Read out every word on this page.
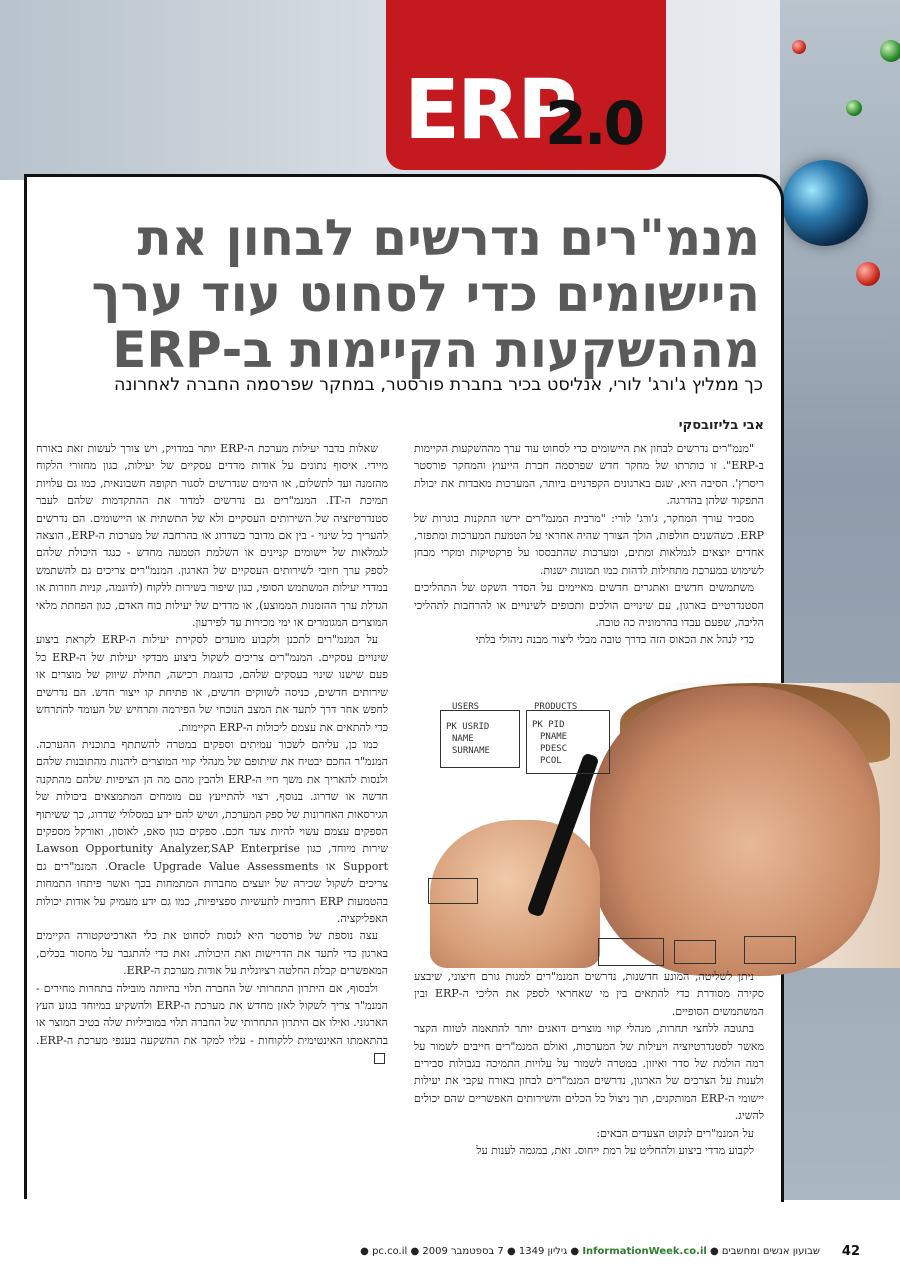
ERP
2.0
מנמ"רים נדרשים לבחון את
היישומים כדי לסחוט עוד ערך
מההשקעות הקיימות ב-ERP
כך ממליץ ג'ורג' לורי, אנליסט בכיר בחברת פורסטר, במחקר שפרסמה החברה לאחרונה
אבי בליזובסקי

"מנמ"רים נדרשים לבחון את היישומים כדי לסחוט עוד ערך מההשקעות הקיימות ב-ERP". זו כותרתו של מחקר חדש שפרסמה חברת הייעוץ והמחקר פורסטר ריסרץ'. הסיבה היא, שגם בארגונים הקפדניים ביותר, המערכות מאבדות את יכולת התפקוד שלהן בהדרגה.

מסביר עורך המחקר, ג'ורג' לורי: "מרבית המנמ"רים ירשו התקנות בוגרות של ERP. כשהשנים חולפות, הולך הצורך שהיה אחראי על הטמעת המערכות ומתפזר, אחדים יוצאים לגמלאות ומתים, ומערכות שהתבססו על פרקטיקות ומקרי מבחן לשימוש במערכת מתחילות לדהות כמו תמונות ישנות.

משתמשים חדשים ואתגרים חדשים מאיימים על הסדר השקט של התהליכים הסטנדרטיים בארגון, עם שינויים הולכים ותכופים לשינויים או להרחבות לתהליכי הליבה, שפעם עבדו בהרמוניה כה טובה.

כדי לנהל את הכאוס הזה בדרך טובה מבלי ליצור מבנה ניהולי בלתי

USERS
PK USRID
NAME
SURNAME
PRODUCTS
PK PID
PNAME
PDESC
PCOL

ניתן לשליטה, המונע חדשנות, נדרשים המנמ"רים למנות גורם חיצוני, שיבצע סקירה מסודרת כדי להתאים בין מי שאחראי לספק את הליכי ה-ERP ובין המשתמשים הסופיים.

בתגובה ללחצי תחרות, מנהלי קווי מוצרים דואגים יותר להתאמה לטווח הקצר מאשר לסטנדרטיזציה ויעילות של המערכות, ואולם המנמ"רים חייבים לשמור על רמה הולמת של סדר ואיזון. במטרה לשמור על עלויות התמיכה בגבולות סבירים ולענות על הצרכים של הארגון, נדרשים המנמ"רים לבחון באורח עקבי את יעילות יישומי ה-ERP המותקנים, תוך ניצול כל הכלים והשירותים האפשריים שהם יכולים להשיג.

על המנמ"רים לנקוט הצעדים הבאים:

לקבוע מדדי ביצוע ולהחליט על רמת ייחוס. זאת, במגמה לענות על

שאלות בדבר יעילות מערכת ה-ERP יותר במדויק, ויש צורך לעשות זאת באורח מיידי. איסוף נתונים על אודות מדדים עסקיים של יעילות, כגון מחזורי הלקוח מהזמנה ועד לתשלום, או הימים שנדרשים לסגור תקופה חשבונאית, כמו גם עלויות תמיכת ה-IT. המנמ"רים גם נדרשים למדוד את ההתקדמות שלהם לעבר סטנדרטיזציה של השירותים העסקיים ולא של התשתית או היישומים. הם נדרשים להעריך כל שינוי - בין אם מדובר בשדרוג או בהרחבה של מערכות ה-ERP, הוצאה לגמלאות של יישומים קניינים או השלמת הטמעה מחדש - כנגד היכולת שלהם לספק ערך חיובי לשירותים העסקיים של הארגון. המנמ"רים צריכים גם להשתמש במדדי יעילות המשתמש הסופי, כגון שיפור בשירות ללקוח (לדוגמה, קניות חוזרות או הגדלת ערך ההזמנות הממוצע), או מדדים של יעילות כוח האדם, כגון הפחתת מלאי המוצרים המגומרים או ימי מכירות עד לפירעון.

על המנמ"רים לתכנן ולקבוע מועדים לסקירת יעילות ה-ERP לקראת ביצוע שינויים עסקיים. המנמ"רים צריכים לשקול ביצוע מבדקי יעילות של ה-ERP כל פעם שישנו שינוי בעסקים שלהם, כדוגמת רכישה, תחילת שיווק של מוצרים או שירותים חדשים, כניסה לשווקים חדשים, או פתיחת קו ייצור חדש. הם נדרשים לחפש אחר דרך לתעד את המצב הנוכחי של הפירמה ותרחיש של העומד להתרחש כדי להתאים את עצמם ליכולות ה-ERP הקיימות.

כמו כן, עליהם לשכור עמיתים וספקים במטרה להשתתף בתוכנית ההערכה. המנמ"ר החכם יבטיח את שיתופם של מנהלי קווי המוצרים ליהנות מהתובנות שלהם ולנסות להאריך את משך חיי ה-ERP ולהבין מהם מה הן הציפיות שלהם מהתקנה חדשה או שדרוג. בנוסף, רצוי להתייעץ עם מומחים המתמצאים ביכולות של הגירסאות האחרונות של ספק המערכת, ושיש להם ידע במסלולי שדרוג, כך ששיתוף הספקים עצמם עשוי להיות צעד חכם. ספקים כגון סאפ, לאוסון, ואורקל מספקים שירות מיוחד, כגון Lawson Opportunity Analyzer,SAP Enterprise Support או Oracle Upgrade Value Assessments. המנמ"רים גם צריכים לשקול שכירה של יועצים מחברות המתמחות בכך ואשר פיתחו התמחות בהטמעות ERP רוחביות לתעשיות ספציפיות, כמו גם ידע מעמיק על אודות יכולות האפליקציה.

עצה נוספת של פורסטר היא לנסות לסחוט את כלי הארכיטקטורה הקיימים בארגון כדי לתעד את הדרישות ואת היכולות. זאת כדי להתגבר על מחסור בכלים, המאפשרים קבלת החלטה רציונלית על אודות מערכת ה-ERP.

ולבסוף, אם היתרון התחרותי של החברה תלוי בהיותה מובילה בתחרות מחירים - המנמ"ר צריך לשקול לאזן מחדש את מערכת ה-ERP ולהשקיע במיוחד בגזע העץ הארגוני. ואילו אם היתרון התחרותי של החברה תלוי במוביליות שלה בטיב המוצר או בהתאמתו האינטימית ללקוחות - עליו למקד את ההשקעה בענפי מערכת ה-ERP.

42
שבועון אנשים ומחשבים ● InformationWeek.co.il ● גיליון 1349 ● 7 בספטמבר 2009 ● pc.co.il ●
